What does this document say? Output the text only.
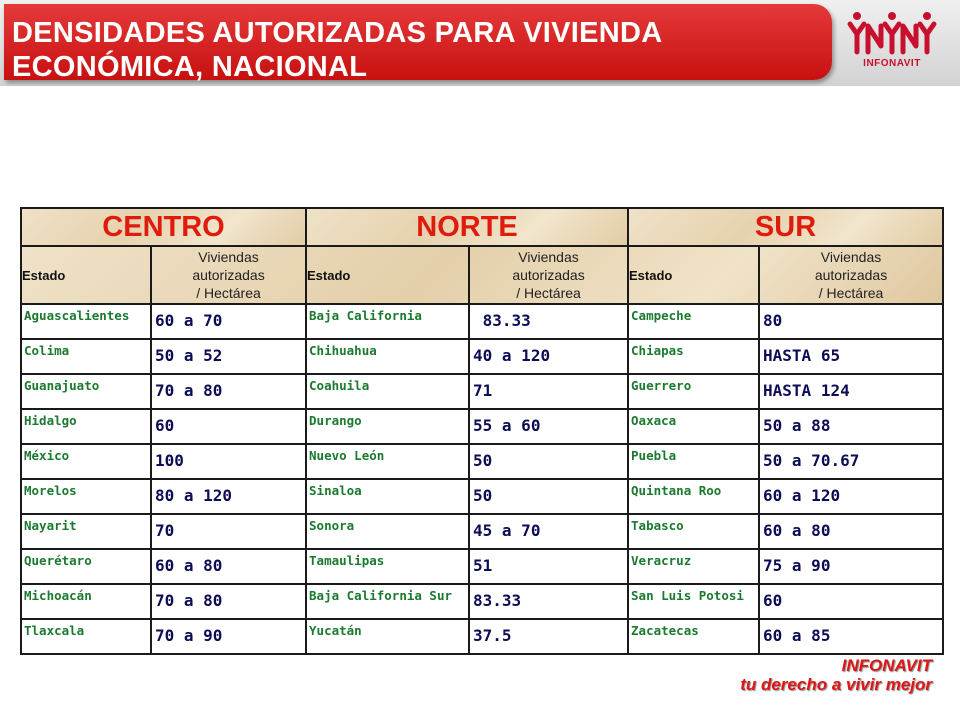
DENSIDADES AUTORIZADAS PARA VIVIENDA
ECONÓMICA, NACIONAL	INFONAVIT
CENTRO		NORTE		SUR	
Estado	Viviendas
autorizadas
/ Hectárea	Estado	Viviendas
autorizadas
/ Hectárea	Estado	Viviendas
autorizadas
/ Hectárea
Aguascalientes	60 a 70	Baja California	83.33	Campeche	80
Colima	50 a 52	Chihuahua	40 a 120	Chiapas	HASTA 65
Guanajuato	70 a 80	Coahuila	71	Guerrero	HASTA 124
Hidalgo	60	Durango	55 a 60	Oaxaca	50 a 88
México	100	Nuevo León	50	Puebla	50 a 70.67
Morelos	80 a 120	Sinaloa	50	Quintana Roo	60 a 120
Nayarit	70	Sonora	45 a 70	Tabasco	60 a 80
Querétaro	60 a 80	Tamaulipas	51	Veracruz	75 a 90
Michoacán	70 a 80	Baja California Sur	83.33	San Luis Potosi	60
Tlaxcala	70 a 90	Yucatán	37.5	Zacatecas	60 a 85
INFONAVIT
tu derecho a vivir mejor
